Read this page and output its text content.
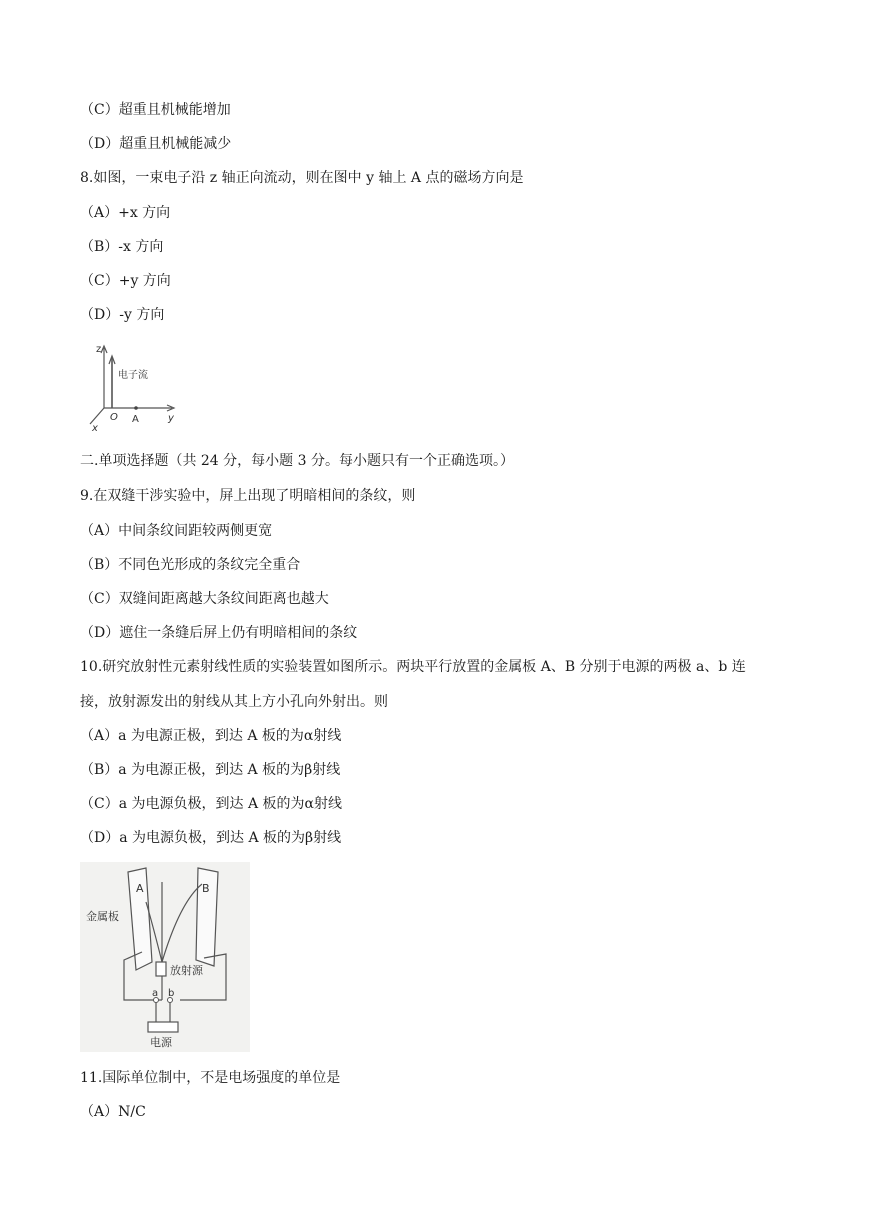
（C）超重且机械能增加
（D）超重且机械能减少
8.如图，一束电子沿 z 轴正向流动，则在图中 y 轴上 A 点的磁场方向是
（A）+x 方向
（B）-x 方向
（C）+y 方向
（D）-y 方向
z
电子流
O A	y
x
二.单项选择题（共 24 分，每小题 3 分。每小题只有一个正确选项。）
9.在双缝干涉实验中，屏上出现了明暗相间的条纹，则
（A）中间条纹间距较两侧更宽
（B）不同色光形成的条纹完全重合
（C）双缝间距离越大条纹间距离也越大
（D）遮住一条缝后屏上仍有明暗相间的条纹
10.研究放射性元素射线性质的实验装置如图所示。两块平行放置的金属板 A、B 分别于电源的两极 a、b 连
接，放射源发出的射线从其上方小孔向外射出。则
（A）a 为电源正极，到达 A 板的为α射线
（B）a 为电源正极，到达 A 板的为β射线
（C）a 为电源负极，到达 A 板的为α射线
（D）a 为电源负极，到达 A 板的为β射线
A	B
金属板
放射源
a b
电源
11.国际单位制中，不是电场强度的单位是
（A）N/C
